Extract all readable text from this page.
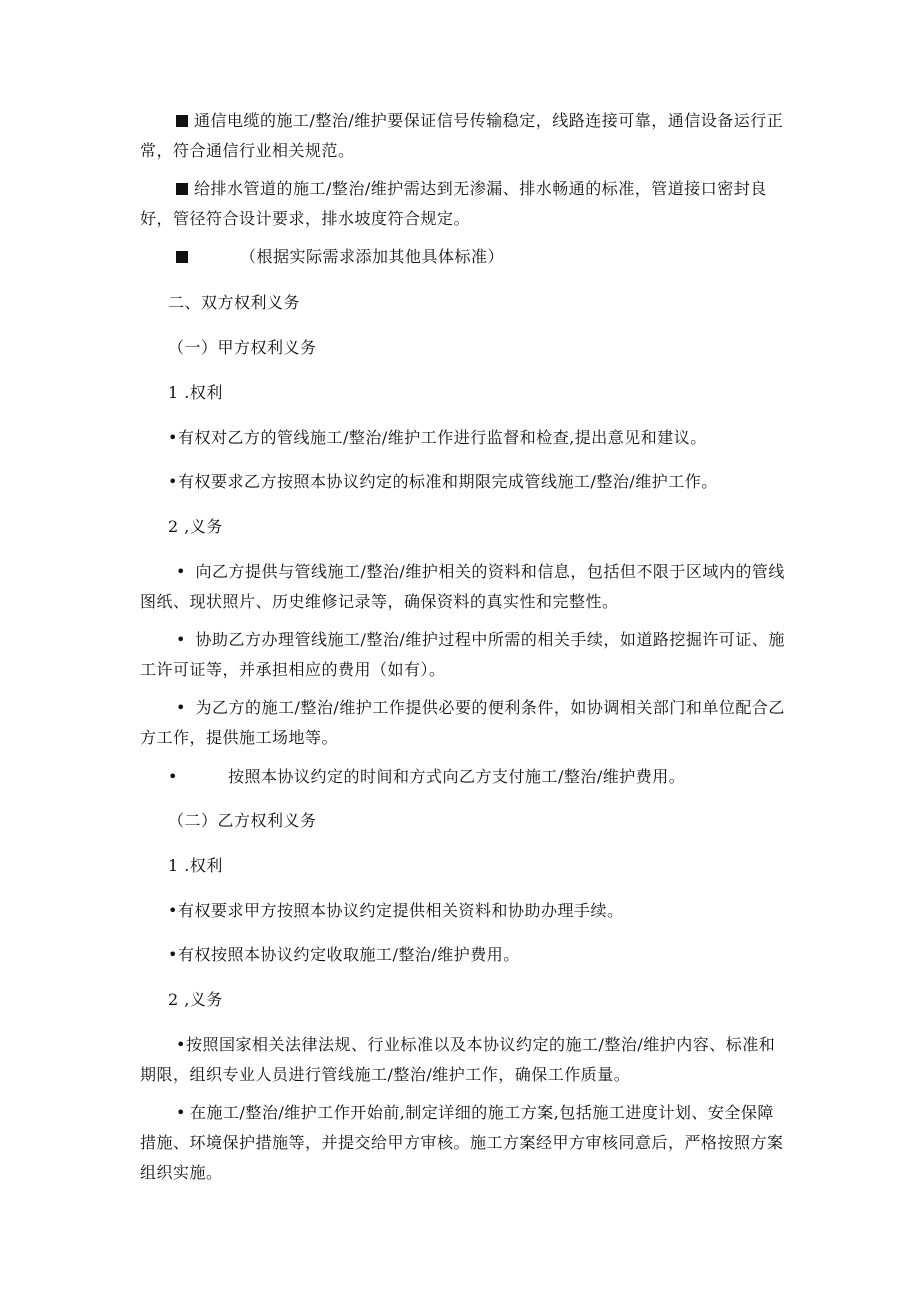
通信电缆的施工/整治/维护要保证信号传输稳定，线路连接可靠，通信设备运行正常，符合通信行业相关规范。

给排水管道的施工/整治/维护需达到无渗漏、排水畅通的标准，管道接口密封良好，管径符合设计要求，排水坡度符合规定。

（根据实际需求添加其他具体标准）

二、双方权利义务

（一）甲方权利义务

1 .权利

•有权对乙方的管线施工/整治/维护工作进行监督和检查,提出意见和建议。

•有权要求乙方按照本协议约定的标准和期限完成管线施工/整治/维护工作。

2 ,义务

• 向乙方提供与管线施工/整治/维护相关的资料和信息，包括但不限于区域内的管线图纸、现状照片、历史维修记录等，确保资料的真实性和完整性。

• 协助乙方办理管线施工/整治/维护过程中所需的相关手续，如道路挖掘许可证、施工许可证等，并承担相应的费用（如有）。

• 为乙方的施工/整治/维护工作提供必要的便利条件，如协调相关部门和单位配合乙方工作，提供施工场地等。

•	按照本协议约定的时间和方式向乙方支付施工/整治/维护费用。

（二）乙方权利义务

1 .权利

•有权要求甲方按照本协议约定提供相关资料和协助办理手续。

•有权按照本协议约定收取施工/整治/维护费用。

2 ,义务

•按照国家相关法律法规、行业标准以及本协议约定的施工/整治/维护内容、标准和期限，组织专业人员进行管线施工/整治/维护工作，确保工作质量。

• 在施工/整治/维护工作开始前,制定详细的施工方案,包括施工进度计划、安全保障措施、环境保护措施等，并提交给甲方审核。施工方案经甲方审核同意后，严格按照方案组织实施。
